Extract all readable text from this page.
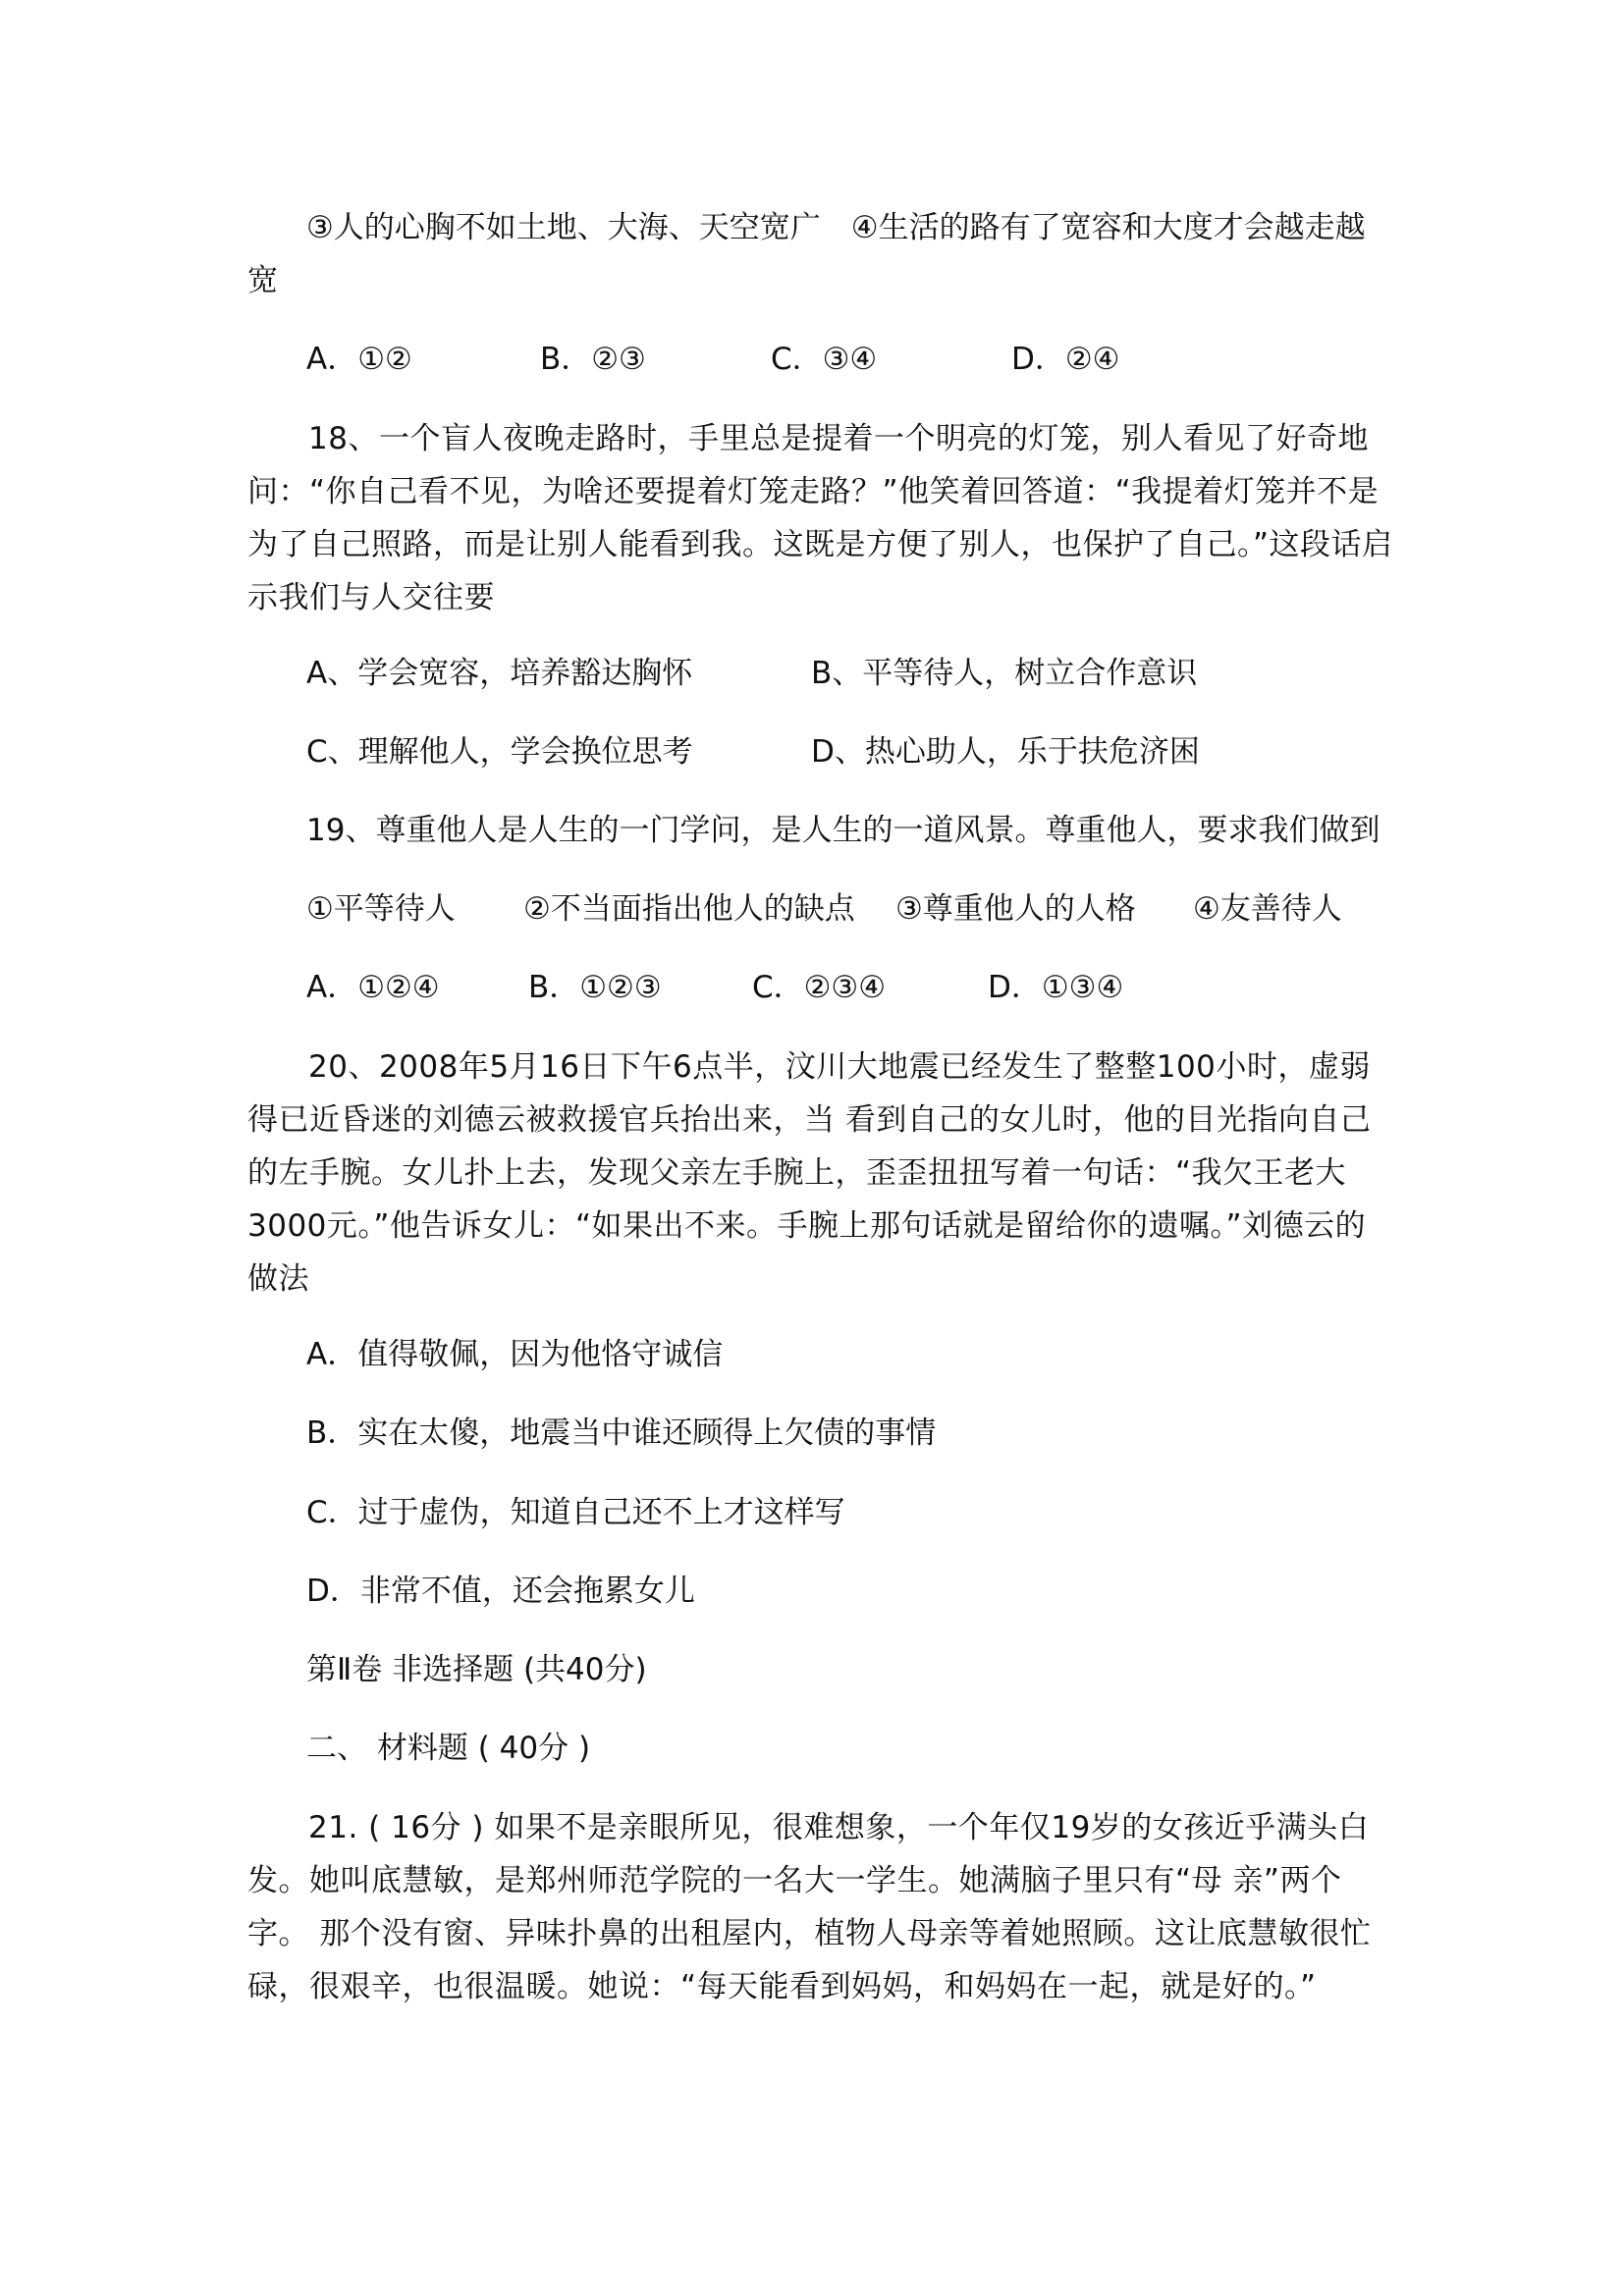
③人的心胸不如土地、大海、天空宽广　④生活的路有了宽容和大度才会越走越
宽
A．①②	B．②③	C．③④	D．②④
18、一个盲人夜晚走路时，手里总是提着一个明亮的灯笼，别人看见了好奇地问：“你自己看不见，为啥还要提着灯笼走路？”他笑着回答道：“我提着灯笼并不是为了自己照路，而是让别人能看到我。这既是方便了别人，也保护了自己。”这段话启示我们与人交往要
A、学会宽容，培养豁达胸怀	B、平等待人，树立合作意识
C、理解他人，学会换位思考	D、热心助人，乐于扶危济困
19、尊重他人是人生的一门学问，是人生的一道风景。尊重他人，要求我们做到
①平等待人 ②不当面指出他人的缺点 ③尊重他人的人格 ④友善待人
A．①②④	B．①②③	C．②③④	D．①③④
20、2008年5月16日下午6点半，汶川大地震已经发生了整整100小时，虚弱得已近昏迷的刘德云被救援官兵抬出来，当 看到自己的女儿时，他的目光指向自己的左手腕。女儿扑上去，发现父亲左手腕上，歪歪扭扭写着一句话：“我欠王老大3000元。”他告诉女儿：“如果出不来。手腕上那句话就是留给你的遗嘱。”刘德云的做法
A．值得敬佩，因为他恪守诚信
B．实在太傻，地震当中谁还顾得上欠债的事情
C．过于虚伪，知道自己还不上才这样写
D．非常不值，还会拖累女儿
第Ⅱ卷 非选择题 (共40分)
二、 材料题 ( 40分 )
21. ( 16分 ) 如果不是亲眼所见，很难想象，一个年仅19岁的女孩近乎满头白发。她叫底慧敏，是郑州师范学院的一名大一学生。她满脑子里只有“母 亲”两个字。 那个没有窗、异味扑鼻的出租屋内，植物人母亲等着她照顾。这让底慧敏很忙碌，很艰辛，也很温暖。她说：“每天能看到妈妈，和妈妈在一起，就是好的。”
